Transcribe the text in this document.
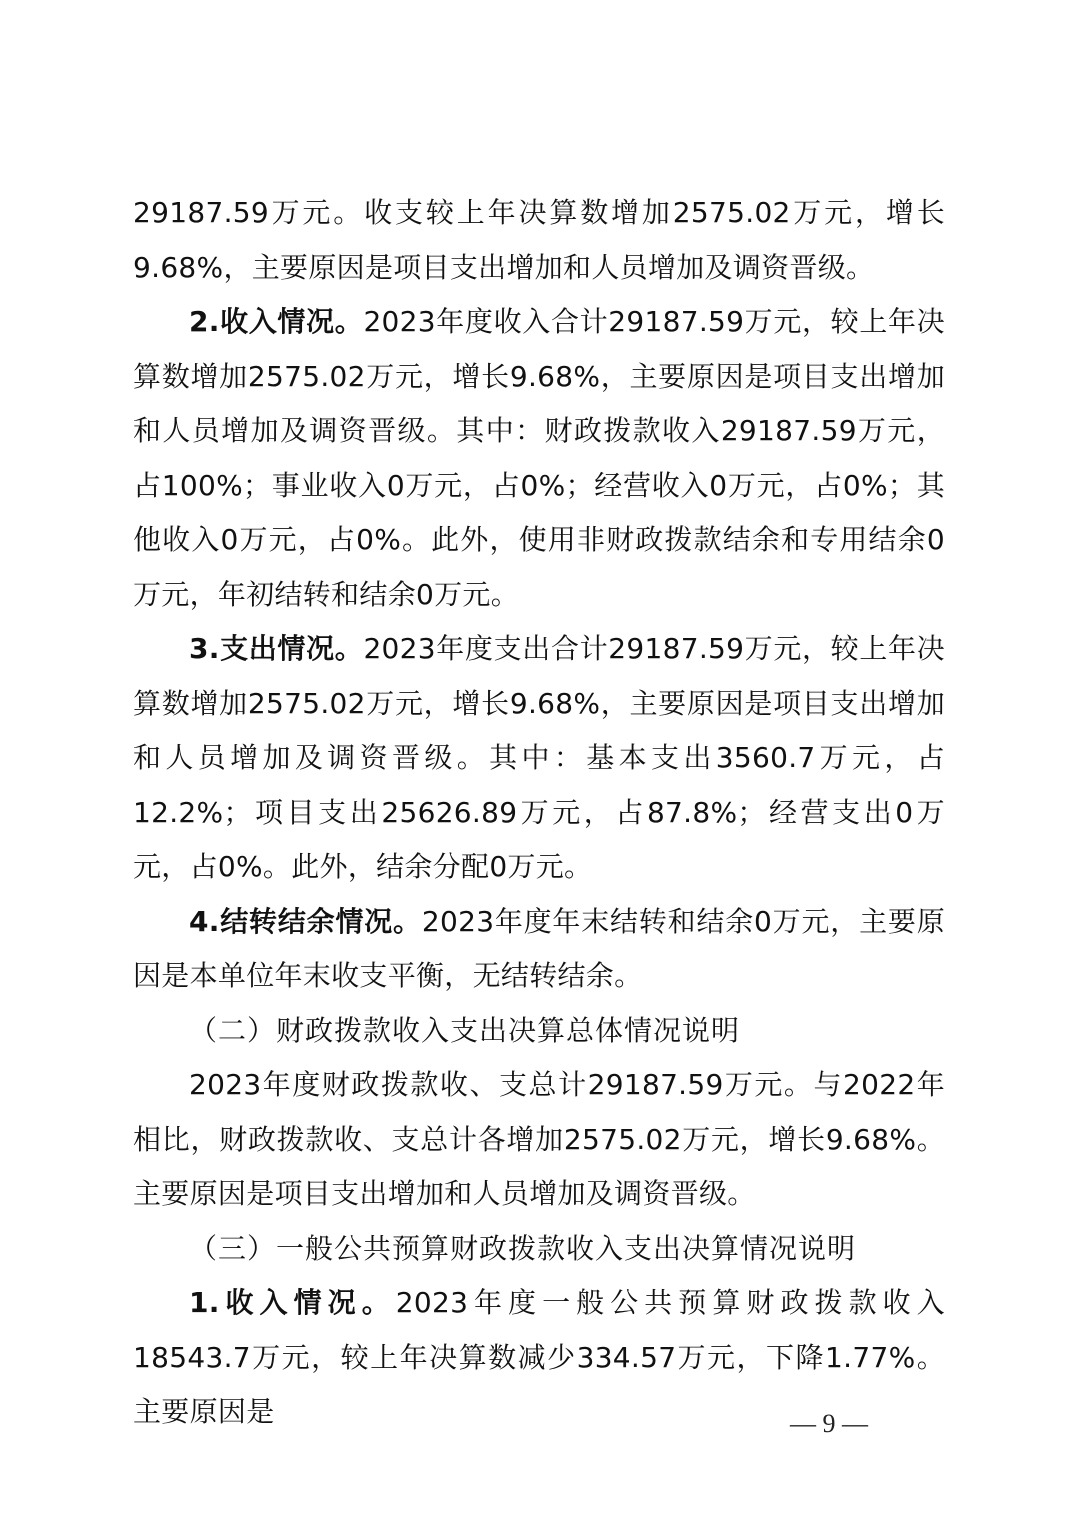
29187.59万元。收支较上年决算数增加2575.02万元，增长9.68%，主要原因是项目支出增加和人员增加及调资晋级。

2.收入情况。2023年度收入合计29187.59万元，较上年决算数增加2575.02万元，增长9.68%，主要原因是项目支出增加和人员增加及调资晋级。其中：财政拨款收入29187.59万元，占100%；事业收入0万元，占0%；经营收入0万元，占0%；其他收入0万元，占0%。此外，使用非财政拨款结余和专用结余0万元，年初结转和结余0万元。

3.支出情况。2023年度支出合计29187.59万元，较上年决算数增加2575.02万元，增长9.68%，主要原因是项目支出增加和人员增加及调资晋级。其中：基本支出3560.7万元，占12.2%；项目支出25626.89万元，占87.8%；经营支出0万元，占0%。此外，结余分配0万元。

4.结转结余情况。2023年度年末结转和结余0万元，主要原因是本单位年末收支平衡，无结转结余。

（二）财政拨款收入支出决算总体情况说明

2023年度财政拨款收、支总计29187.59万元。与2022年相比，财政拨款收、支总计各增加2575.02万元，增长9.68%。主要原因是项目支出增加和人员增加及调资晋级。

（三）一般公共预算财政拨款收入支出决算情况说明

1.收入情况。2023年度一般公共预算财政拨款收入18543.7万元，较上年决算数减少334.57万元，下降1.77%。主要原因是	— 9 —
